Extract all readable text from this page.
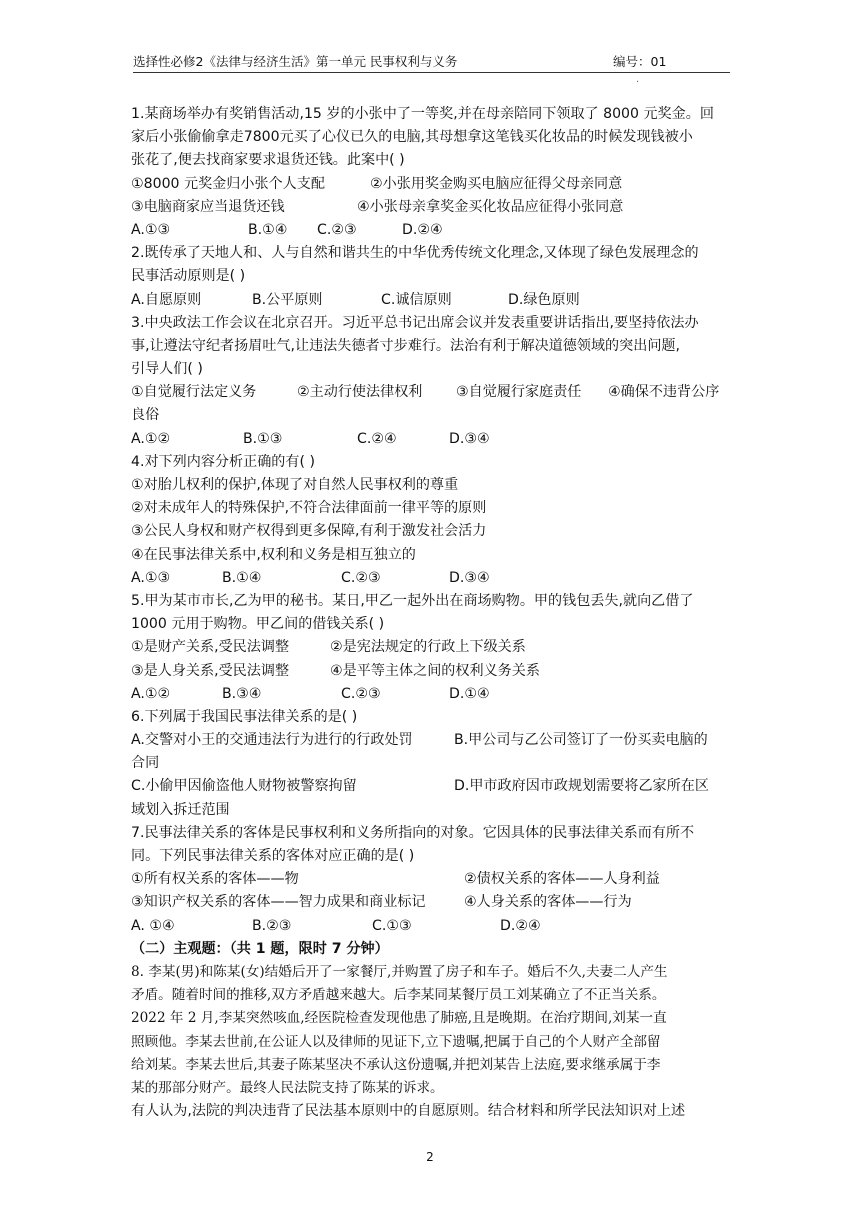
选择性必修2《法律与经济生活》第一单元 民事权利与义务	编号：01
.
1.某商场举办有奖销售活动,15 岁的小张中了一等奖,并在母亲陪同下领取了 8000 元奖金。回
家后小张偷偷拿走7800元买了心仪已久的电脑,其母想拿这笔钱买化妆品的时候发现钱被小
张花了,便去找商家要求退货还钱。此案中( )
①8000 元奖金归小张个人支配	②小张用奖金购买电脑应征得父母亲同意
③电脑商家应当退货还钱	④小张母亲拿奖金买化妆品应征得小张同意
A.①③	B.①④ C.②③	D.②④
2.既传承了天地人和、人与自然和谐共生的中华优秀传统文化理念,又体现了绿色发展理念的
民事活动原则是( )
A.自愿原则	B.公平原则	C.诚信原则	D.绿色原则
3.中央政法工作会议在北京召开。习近平总书记出席会议并发表重要讲话指出,要坚持依法办
事,让遵法守纪者扬眉吐气,让违法失德者寸步难行。法治有利于解决道德领域的突出问题,
引导人们( )
①自觉履行法定义务	②主动行使法律权利 ③自觉履行家庭责任 ④确保不违背公序
良俗
A.①②	B.①③	C.②④	D.③④
4.对下列内容分析正确的有( )
①对胎儿权利的保护,体现了对自然人民事权利的尊重
②对未成年人的特殊保护,不符合法律面前一律平等的原则
③公民人身权和财产权得到更多保障,有利于激发社会活力
④在民事法律关系中,权利和义务是相互独立的
A.①③	B.①④	C.②③	D.③④
5.甲为某市市长,乙为甲的秘书。某日,甲乙一起外出在商场购物。甲的钱包丢失,就向乙借了
1000 元用于购物。甲乙间的借钱关系( )
①是财产关系,受民法调整	②是宪法规定的行政上下级关系
③是人身关系,受民法调整	④是平等主体之间的权利义务关系
A.①②	B.③④	C.②③	D.①④
6.下列属于我国民事法律关系的是( )
A.交警对小王的交通违法行为进行的行政处罚	B.甲公司与乙公司签订了一份买卖电脑的
合同
C.小偷甲因偷盗他人财物被警察拘留	D.甲市政府因市政规划需要将乙家所在区
域划入拆迁范围
7.民事法律关系的客体是民事权利和义务所指向的对象。它因具体的民事法律关系而有所不
同。下列民事法律关系的客体对应正确的是( )
①所有权关系的客体——物	②债权关系的客体——人身利益
③知识产权关系的客体——智力成果和商业标记	④人身关系的客体——行为
A. ①④	B.②③	C.①③	D.②④
（二）主观题：（共 1 题，限时 7 分钟）
8. 李某(男)和陈某(女)结婚后开了一家餐厅,并购置了房子和车子。婚后不久,夫妻二人产生
矛盾。随着时间的推移,双方矛盾越来越大。后李某同某餐厅员工刘某确立了不正当关系。
2022 年 2 月,李某突然咳血,经医院检查发现他患了肺癌,且是晚期。在治疗期间,刘某一直
照顾他。李某去世前,在公证人以及律师的见证下,立下遗嘱,把属于自己的个人财产全部留
给刘某。李某去世后,其妻子陈某坚决不承认这份遗嘱,并把刘某告上法庭,要求继承属于李
某的那部分财产。最终人民法院支持了陈某的诉求。
有人认为,法院的判决违背了民法基本原则中的自愿原则。结合材料和所学民法知识对上述
2
